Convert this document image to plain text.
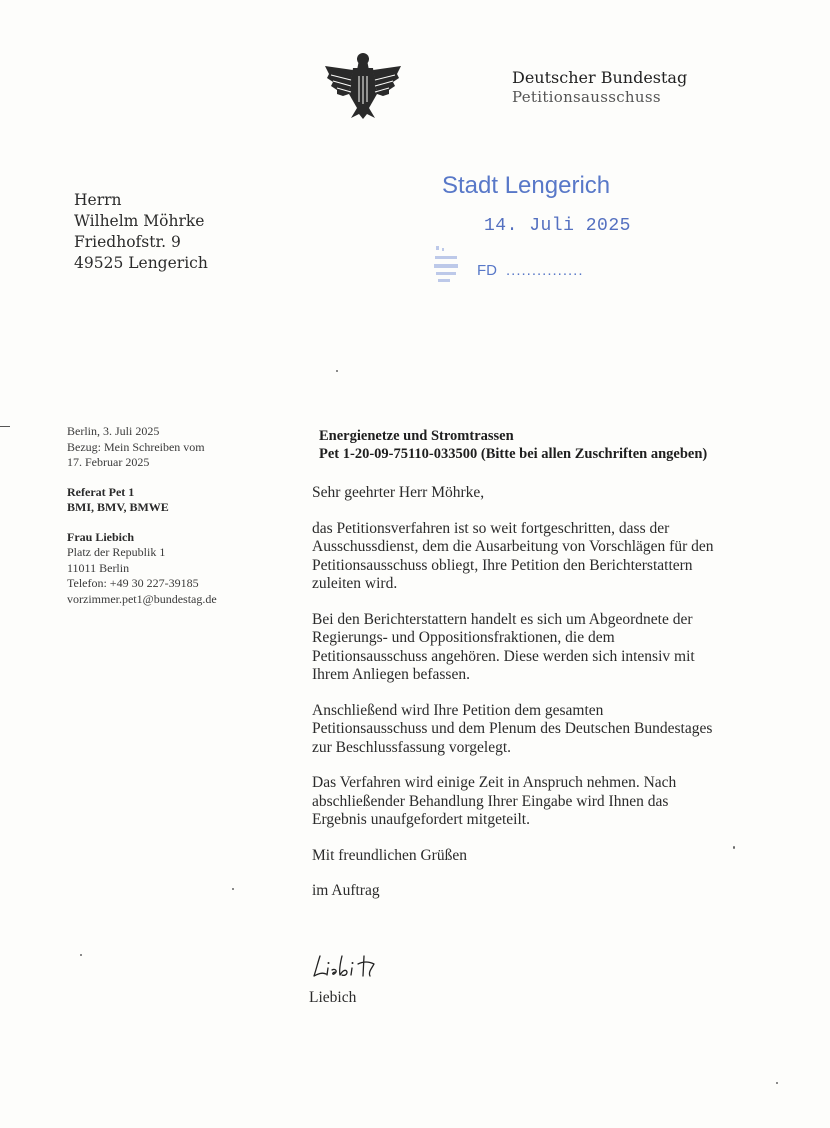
Deutscher Bundestag
Petitionsausschuss
Herrn
Wilhelm Möhrke
Friedhofstr. 9
49525 Lengerich
Stadt Lengerich
14. Juli 2025
FD ...............
Berlin, 3. Juli 2025
Bezug: Mein Schreiben vom
17. Februar 2025
Referat Pet 1
BMI, BMV, BMWE
Frau Liebich
Platz der Republik 1
11011 Berlin
Telefon: +49 30 227-39185
vorzimmer.pet1@bundestag.de
Energienetze und Stromtrassen
Pet 1-20-09-75110-033500 (Bitte bei allen Zuschriften angeben)

Sehr geehrter Herr Möhrke,

das Petitionsverfahren ist so weit fortgeschritten, dass der
Ausschussdienst, dem die Ausarbeitung von Vorschlägen für den
Petitionsausschuss obliegt, Ihre Petition den Berichterstattern
zuleiten wird.

Bei den Berichterstattern handelt es sich um Abgeordnete der
Regierungs- und Oppositionsfraktionen, die dem
Petitionsausschuss angehören. Diese werden sich intensiv mit
Ihrem Anliegen befassen.

Anschließend wird Ihre Petition dem gesamten
Petitionsausschuss und dem Plenum des Deutschen Bundestages
zur Beschlussfassung vorgelegt.

Das Verfahren wird einige Zeit in Anspruch nehmen. Nach
abschließender Behandlung Ihrer Eingabe wird Ihnen das
Ergebnis unaufgefordert mitgeteilt.

Mit freundlichen Grüßen

im Auftrag

Liebich
